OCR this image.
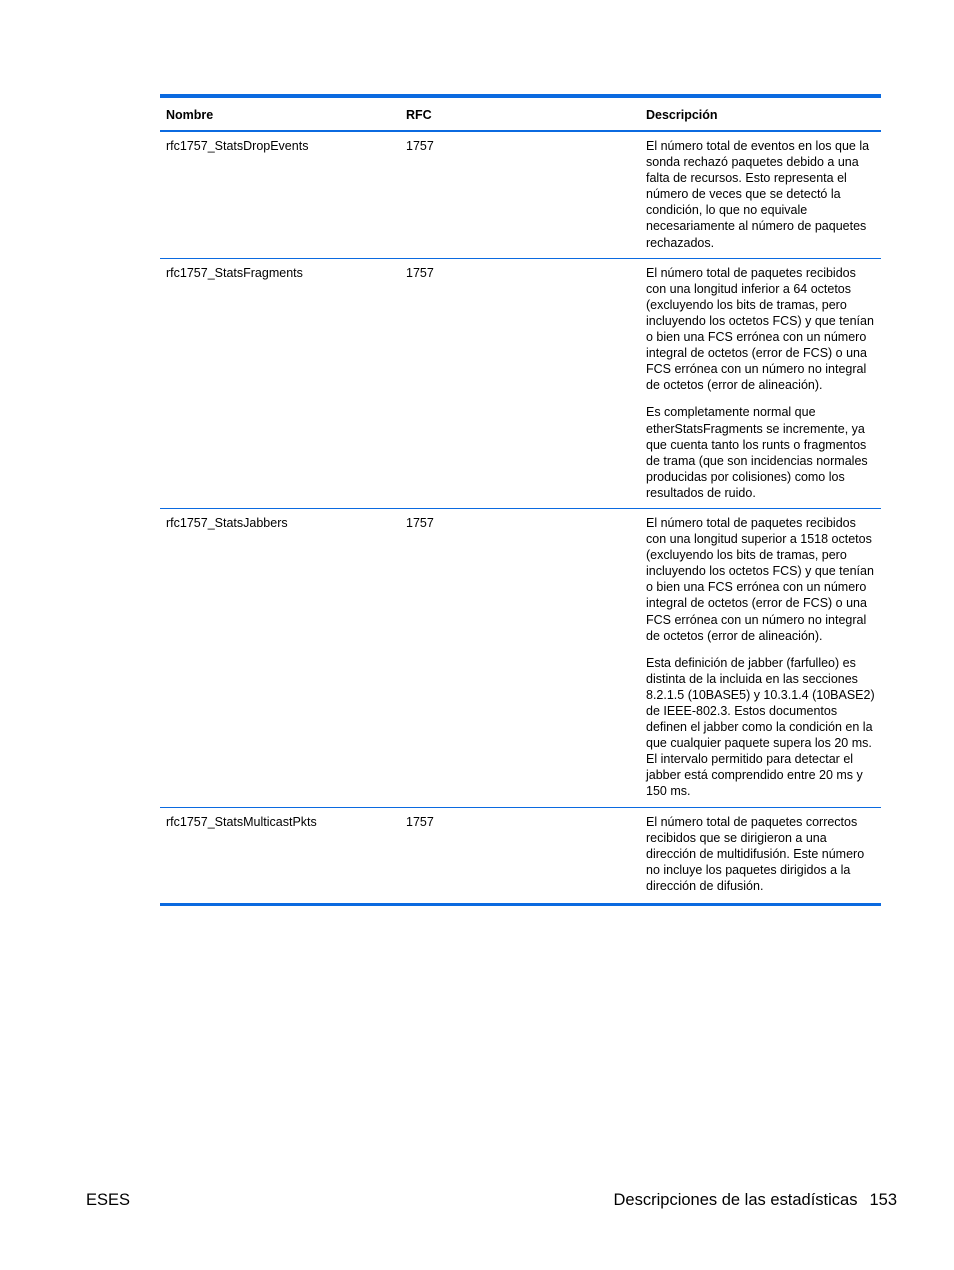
Nombre	RFC	Descripción
rfc1757_StatsDropEvents	1757	El número total de eventos en los que la sonda rechazó paquetes debido a una falta de recursos. Esto representa el número de veces que se detectó la condición, lo que no equivale necesariamente al número de paquetes rechazados.

rfc1757_StatsFragments	1757	El número total de paquetes recibidos con una longitud inferior a 64 octetos (excluyendo los bits de tramas, pero incluyendo los octetos FCS) y que tenían o bien una FCS errónea con un número integral de octetos (error de FCS) o una FCS errónea con un número no integral de octetos (error de alineación).

Es completamente normal que etherStatsFragments se incremente, ya que cuenta tanto los runts o fragmentos de trama (que son incidencias normales producidas por colisiones) como los resultados de ruido.

rfc1757_StatsJabbers	1757	El número total de paquetes recibidos con una longitud superior a 1518 octetos (excluyendo los bits de tramas, pero incluyendo los octetos FCS) y que tenían o bien una FCS errónea con un número integral de octetos (error de FCS) o una FCS errónea con un número no integral de octetos (error de alineación).

Esta definición de jabber (farfulleo) es distinta de la incluida en las secciones 8.2.1.5 (10BASE5) y 10.3.1.4 (10BASE2) de IEEE-802.3. Estos documentos definen el jabber como la condición en la que cualquier paquete supera los 20 ms. El intervalo permitido para detectar el jabber está comprendido entre 20 ms y 150 ms.

rfc1757_StatsMulticastPkts	1757	El número total de paquetes correctos recibidos que se dirigieron a una dirección de multidifusión. Este número no incluye los paquetes dirigidos a la dirección de difusión.

ESES	Descripciones de las estadísticas 153
